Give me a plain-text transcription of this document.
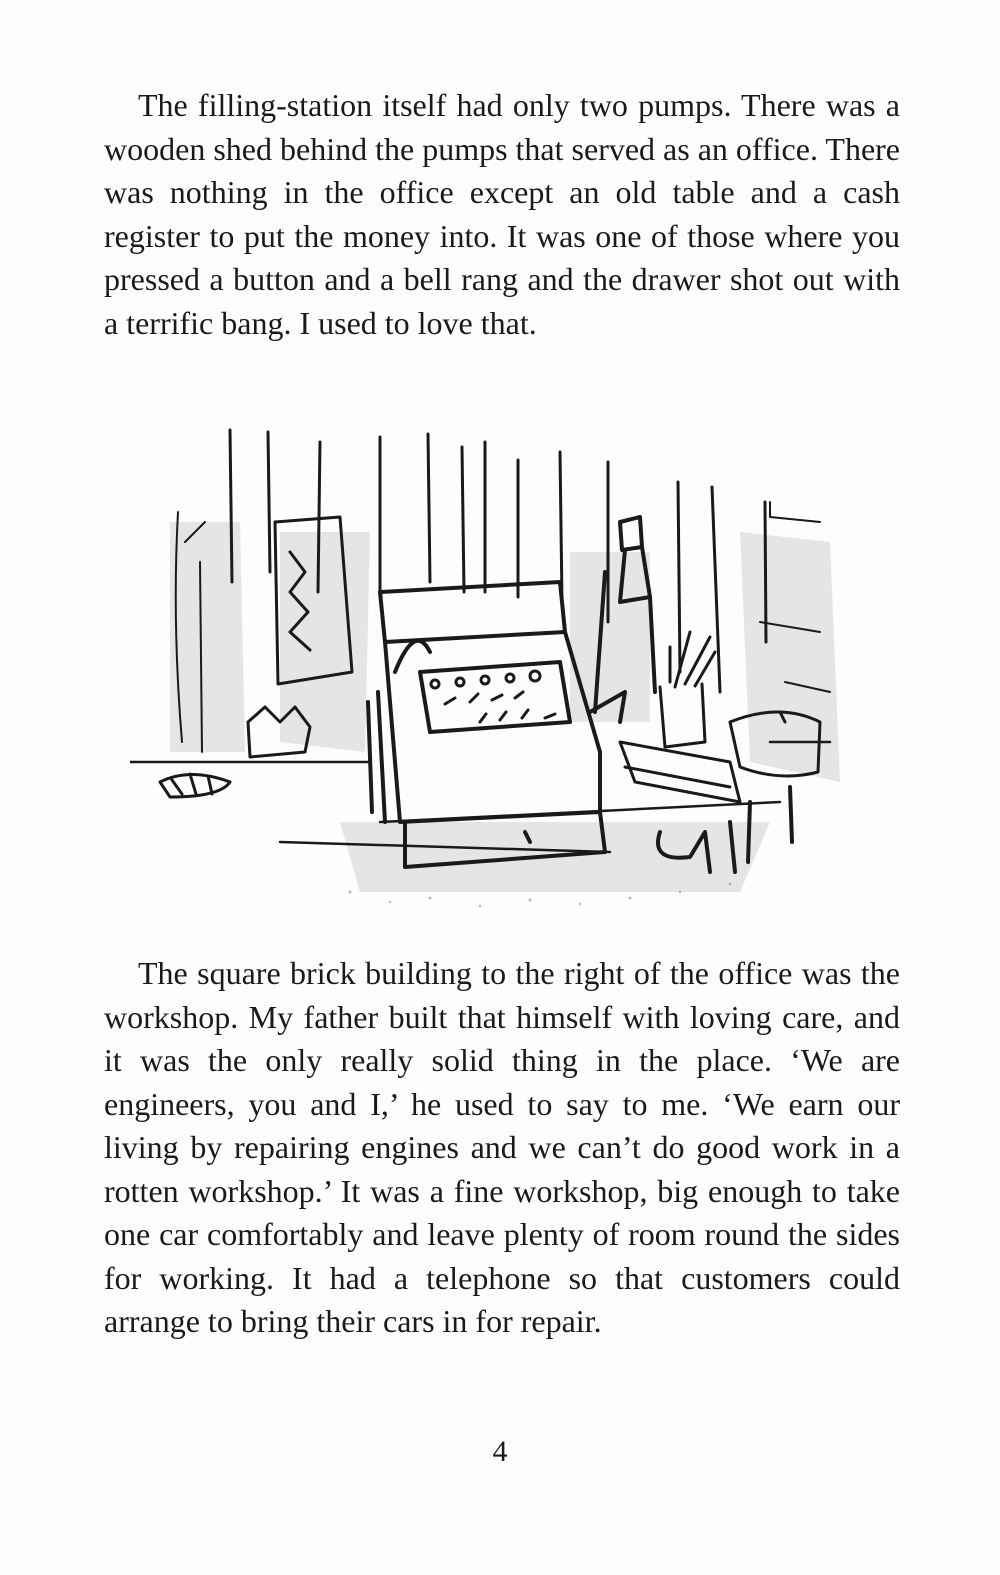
The filling-station itself had only two pumps. There was a wooden shed behind the pumps that served as an office. There was nothing in the office except an old table and a cash register to put the money into. It was one of those where you pressed a button and a bell rang and the drawer shot out with a terrific bang. I used to love that.

The square brick building to the right of the office was the workshop. My father built that himself with loving care, and it was the only really solid thing in the place. ‘We are engineers, you and I,’ he used to say to me. ‘We earn our living by repairing engines and we can’t do good work in a rotten workshop.’ It was a fine workshop, big enough to take one car comfortably and leave plenty of room round the sides for working. It had a telephone so that customers could arrange to bring their cars in for repair.

4
